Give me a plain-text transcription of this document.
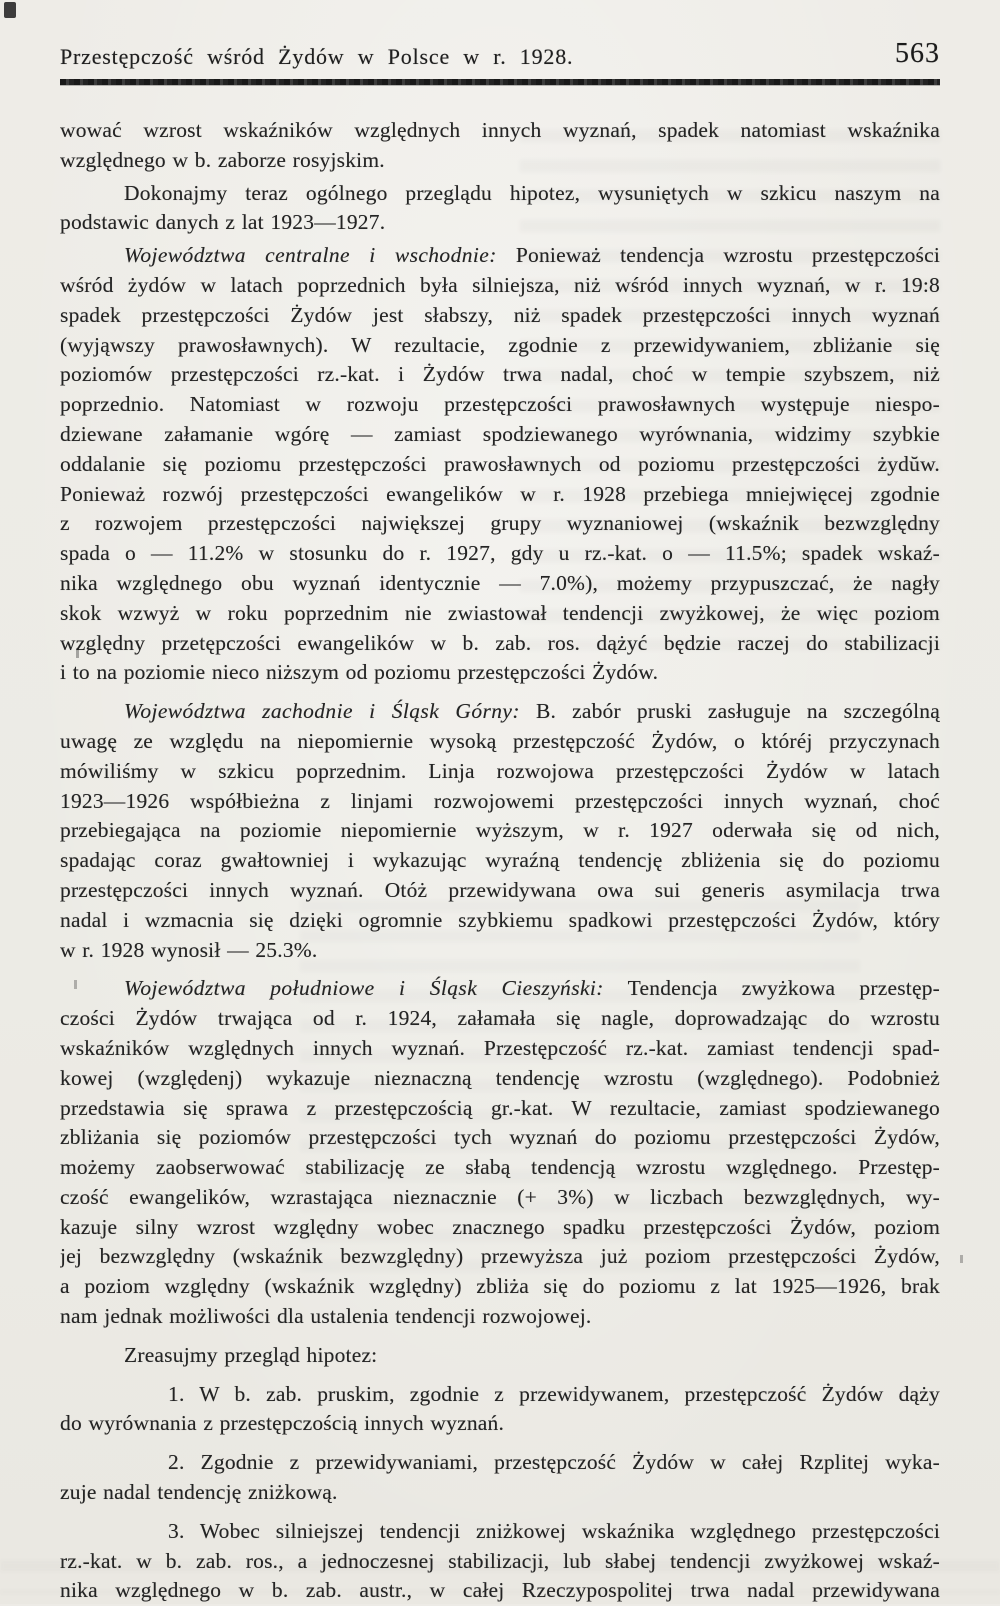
Przestępczość wśród Żydów w Polsce w r. 1928.	563
wować wzrost wskaźników względnych innych wyznań, spadek natomiast wskaźnika
względnego w b. zaborze rosyjskim.
Dokonajmy teraz ogólnego przeglądu hipotez, wysuniętych w szkicu naszym na
podstawic danych z lat 1923—1927.
Województwa centralne i wschodnie: Ponieważ tendencja wzrostu przestępczości
wśród żydów w latach poprzednich była silniejsza, niż wśród innych wyznań, w r. 19:8
spadek przestępczości Żydów jest słabszy, niż spadek przestępczości innych wyznań
(wyjąwszy prawosławnych). W rezultacie, zgodnie z przewidywaniem, zbliżanie się
poziomów przestępczości rz.-kat. i Żydów trwa nadal, choć w tempie szybszem, niż
poprzednio. Natomiast w rozwoju przestępczości prawosławnych występuje niespo-
dziewane załamanie wgórę — zamiast spodziewanego wyrównania, widzimy szybkie
oddalanie się poziomu przestępczości prawosławnych od poziomu przestępczości żydŭw.
Ponieważ rozwój przestępczości ewangelików w r. 1928 przebiega mniejwięcej zgodnie
z rozwojem przestępczości największej grupy wyznaniowej (wskaźnik bezwzględny
spada o — 11.2% w stosunku do r. 1927, gdy u rz.-kat. o — 11.5%; spadek wskaź-
nika względnego obu wyznań identycznie — 7.0%), możemy przypuszczać, że nagły
skok wzwyż w roku poprzednim nie zwiastował tendencji zwyżkowej, że więc poziom
względny przetępczości ewangelików w b. zab. ros. dążyć będzie raczej do stabilizacji
i to na poziomie nieco niższym od poziomu przestępczości Żydów.
Województwa zachodnie i Śląsk Górny: B. zabór pruski zasługuje na szczególną
uwagę ze względu na niepomiernie wysoką przestępczość Żydów, o któréj przyczynach
mówiliśmy w szkicu poprzednim. Linja rozwojowa przestępczości Żydów w latach
1923—1926 współbieżna z linjami rozwojowemi przestępczości innych wyznań, choć
przebiegająca na poziomie niepomiernie wyższym, w r. 1927 oderwała się od nich,
spadając coraz gwałtowniej i wykazując wyraźną tendencję zbliżenia się do poziomu
przestępczości innych wyznań. Otóż przewidywana owa sui generis asymilacja trwa
nadal i wzmacnia się dzięki ogromnie szybkiemu spadkowi przestępczości Żydów, który
w r. 1928 wynosił — 25.3%.
Województwa południowe i Śląsk Cieszyński: Tendencja zwyżkowa przestęp-
czości Żydów trwająca od r. 1924, załamała się nagle, doprowadzając do wzrostu
wskaźników względnych innych wyznań. Przestępczość rz.-kat. zamiast tendencji spad-
kowej (względenj) wykazuje nieznaczną tendencję wzrostu (względnego). Podobnież
przedstawia się sprawa z przestępczością gr.-kat. W rezultacie, zamiast spodziewanego
zbliżania się poziomów przestępczości tych wyznań do poziomu przestępczości Żydów,
możemy zaobserwować stabilizację ze słabą tendencją wzrostu względnego. Przestęp-
czość ewangelików, wzrastająca nieznacznie (+ 3%) w liczbach bezwzględnych, wy-
kazuje silny wzrost względny wobec znacznego spadku przestępczości Żydów, poziom
jej bezwzględny (wskaźnik bezwzględny) przewyższa już poziom przestępczości Żydów,
a poziom względny (wskaźnik względny) zbliża się do poziomu z lat 1925—1926, brak
nam jednak możliwości dla ustalenia tendencji rozwojowej.
Zreasujmy przegląd hipotez:
1. W b. zab. pruskim, zgodnie z przewidywanem, przestępczość Żydów dąży
do wyrównania z przestępczością innych wyznań.
2. Zgodnie z przewidywaniami, przestępczość Żydów w całej Rzplitej wyka-
zuje nadal tendencję zniżkową.
3. Wobec silniejszej tendencji zniżkowej wskaźnika względnego przestępczości
rz.-kat. w b. zab. ros., a jednoczesnej stabilizacji, lub słabej tendencji zwyżkowej wskaź-
nika względnego w b. zab. austr., w całej Rzeczypospolitej trwa nadal przewidywana
